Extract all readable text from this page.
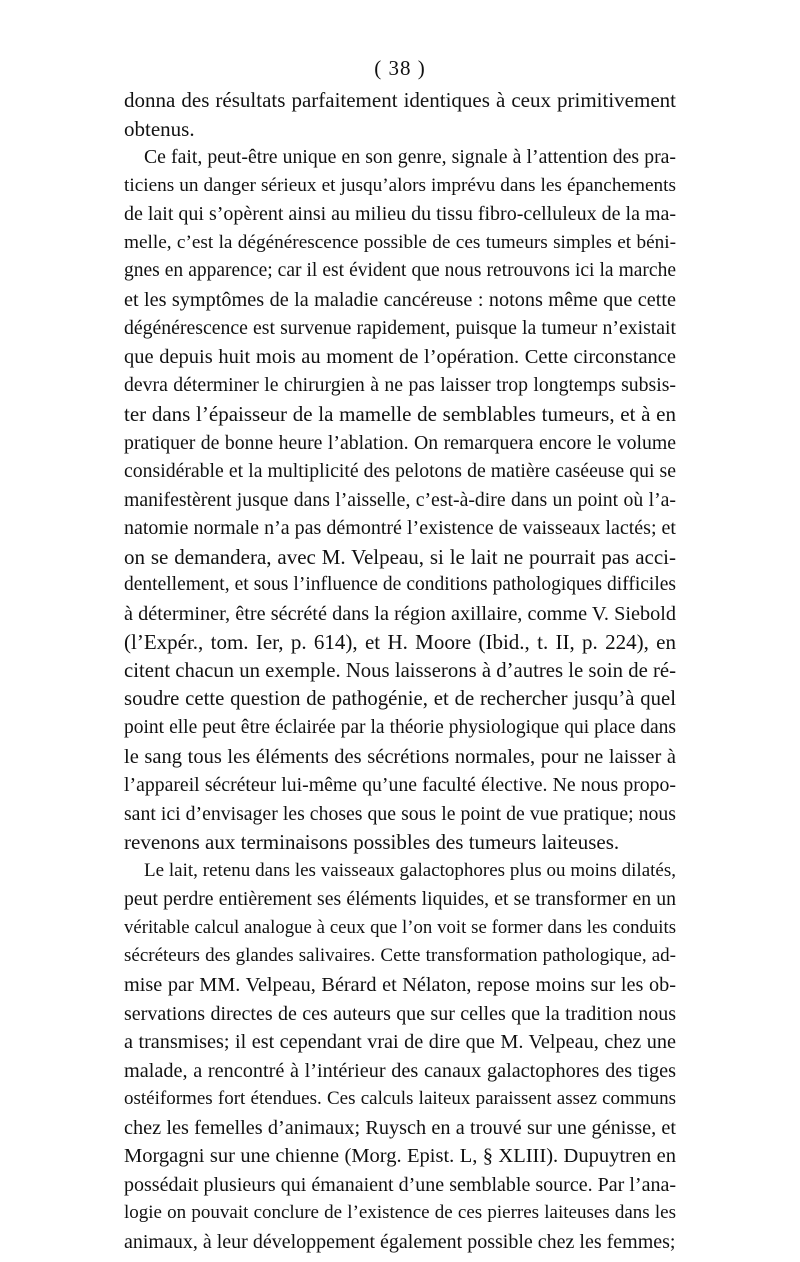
( 38 )
donna des résultats parfaitement identiques à ceux primitivement
obtenus.
Ce fait, peut-être unique en son genre, signale à l’attention des pra-
ticiens un danger sérieux et jusqu’alors imprévu dans les épanchements
de lait qui s’opèrent ainsi au milieu du tissu fibro-celluleux de la ma-
melle, c’est la dégénérescence possible de ces tumeurs simples et béni-
gnes en apparence; car il est évident que nous retrouvons ici la marche
et les symptômes de la maladie cancéreuse : notons même que cette
dégénérescence est survenue rapidement, puisque la tumeur n’existait
que depuis huit mois au moment de l’opération. Cette circonstance
devra déterminer le chirurgien à ne pas laisser trop longtemps subsis-
ter dans l’épaisseur de la mamelle de semblables tumeurs, et à en
pratiquer de bonne heure l’ablation. On remarquera encore le volume
considérable et la multiplicité des pelotons de matière caséeuse qui se
manifestèrent jusque dans l’aisselle, c’est-à-dire dans un point où l’a-
natomie normale n’a pas démontré l’existence de vaisseaux lactés; et
on se demandera, avec M. Velpeau, si le lait ne pourrait pas acci-
dentellement, et sous l’influence de conditions pathologiques difficiles
à déterminer, être sécrété dans la région axillaire, comme V. Siebold
(l’Expér., tom. Ier, p. 614), et H. Moore (Ibid., t. II, p. 224), en
citent chacun un exemple. Nous laisserons à d’autres le soin de ré-
soudre cette question de pathogénie, et de rechercher jusqu’à quel
point elle peut être éclairée par la théorie physiologique qui place dans
le sang tous les éléments des sécrétions normales, pour ne laisser à
l’appareil sécréteur lui-même qu’une faculté élective. Ne nous propo-
sant ici d’envisager les choses que sous le point de vue pratique; nous
revenons aux terminaisons possibles des tumeurs laiteuses.
Le lait, retenu dans les vaisseaux galactophores plus ou moins dilatés,
peut perdre entièrement ses éléments liquides, et se transformer en un
véritable calcul analogue à ceux que l’on voit se former dans les conduits
sécréteurs des glandes salivaires. Cette transformation pathologique, ad-
mise par MM. Velpeau, Bérard et Nélaton, repose moins sur les ob-
servations directes de ces auteurs que sur celles que la tradition nous
a transmises; il est cependant vrai de dire que M. Velpeau, chez une
malade, a rencontré à l’intérieur des canaux galactophores des tiges
ostéiformes fort étendues. Ces calculs laiteux paraissent assez communs
chez les femelles d’animaux; Ruysch en a trouvé sur une génisse, et
Morgagni sur une chienne (Morg. Epist. L, § XLIII). Dupuytren en
possédait plusieurs qui émanaient d’une semblable source. Par l’ana-
logie on pouvait conclure de l’existence de ces pierres laiteuses dans les
animaux, à leur développement également possible chez les femmes;
